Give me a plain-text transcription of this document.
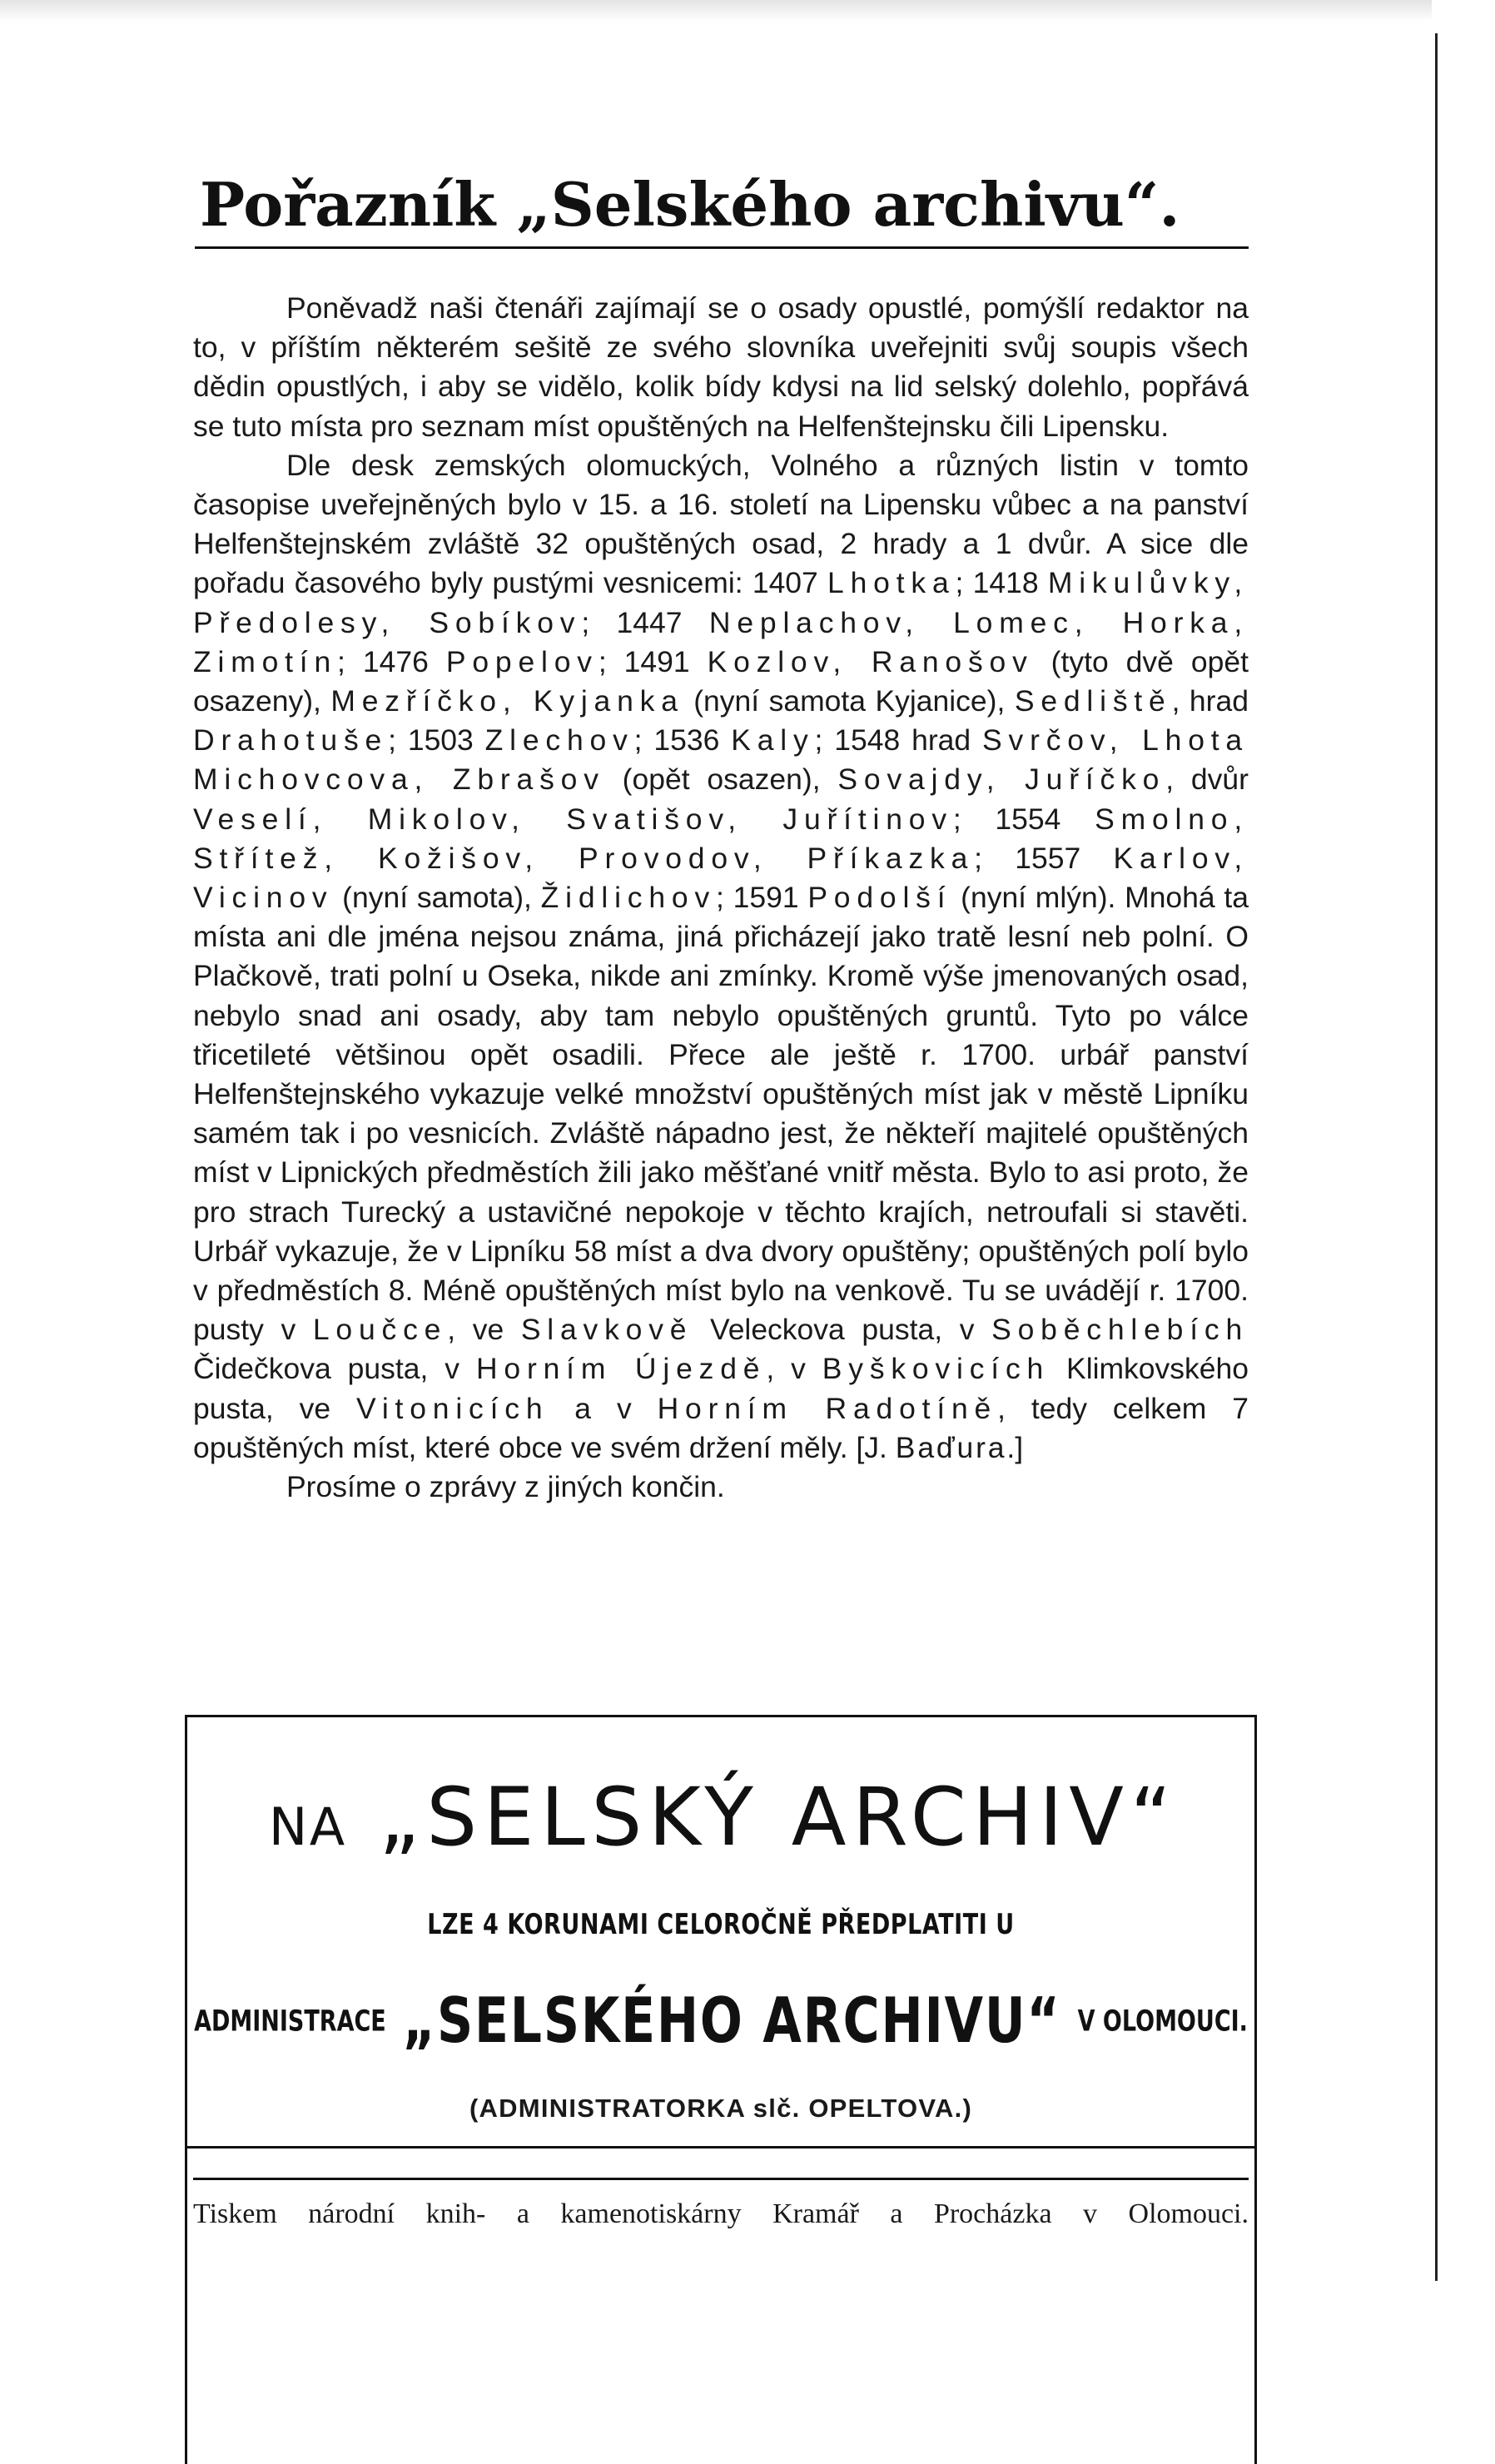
Pořazník „Selského archivu“.

Poněvadž naši čtenáři zajímají se o osady opustlé, pomýšlí redaktor na to, v příštím některém sešitě ze svého slovníka uveřejniti svůj soupis všech dědin opustlých, i aby se vidělo, kolik bídy kdysi na lid selský dolehlo, popřává se tuto místa pro seznam míst opuštěných na Helfenštejnsku čili Lipensku.

Dle desk zemských olomuckých, Volného a různých listin v tomto časopise uveřejněných bylo v 15. a 16. století na Lipensku vůbec a na panství Helfenštejnském zvláště 32 opuštěných osad, 2 hrady a 1 dvůr. A sice dle pořadu časového byly pustými vesnicemi: 1407 Lhotka; 1418 Mikulůvky, Předolesy, Sobíkov; 1447 Neplachov, Lomec, Horka, Zimotín; 1476 Popelov; 1491 Kozlov, Ranošov (tyto dvě opět osazeny), Mezříčko, Kyjanka (nyní samota Kyjanice), Sedliště, hrad Drahotuše; 1503 Zlechov; 1536 Kaly; 1548 hrad Svrčov, Lhota Michovcova, Zbrašov (opět osazen), Sovajdy, Juříčko, dvůr Veselí, Mikolov, Svatišov, Juřítinov; 1554 Smolno, Střítež, Kožišov, Provodov, Příkazka; 1557 Karlov, Vicinov (nyní samota), Židlichov; 1591 Podolší (nyní mlýn). Mnohá ta místa ani dle jména nejsou známa, jiná přicházejí jako tratě lesní neb polní. O Plačkově, trati polní u Oseka, nikde ani zmínky. Kromě výše jmenovaných osad, nebylo snad ani osady, aby tam nebylo opuštěných gruntů. Tyto po válce třicetileté většinou opět osadili. Přece ale ještě r. 1700. urbář panství Helfenštejnského vykazuje velké množství opuštěných míst jak v městě Lipníku samém tak i po vesnicích. Zvláště nápadno jest, že někteří majitelé opuštěných míst v Lipnických předměstích žili jako měšťané vnitř města. Bylo to asi proto, že pro strach Turecký a ustavičné nepokoje v těchto krajích, netroufali si stavěti. Urbář vykazuje, že v Lipníku 58 míst a dva dvory opuštěny; opuštěných polí bylo v předměstích 8. Méně opuštěných míst bylo na venkově. Tu se uvádějí r. 1700. pusty v Loučce, ve Slavkově Veleckova pusta, v Soběchlebích Čidečkova pusta, v Horním Újezdě, v Byškovicích Klimkovského pusta, ve Vitonicích a v Horním Radotíně, tedy celkem 7 opuštěných míst, které obce ve svém držení měly. [J. Baďura.]

Prosíme o zprávy z jiných končin.

NA „SELSKÝ ARCHIV“
LZE 4 KORUNAMI CELOROČNĚ PŘEDPLATITI U
ADMINISTRACE „SELSKÉHO ARCHIVU“ V OLOMOUCI.
(ADMINISTRATORKA slč. OPELTOVA.)
Tiskem národní knih- a kamenotiskárny Kramář a Procházka v Olomouci.
